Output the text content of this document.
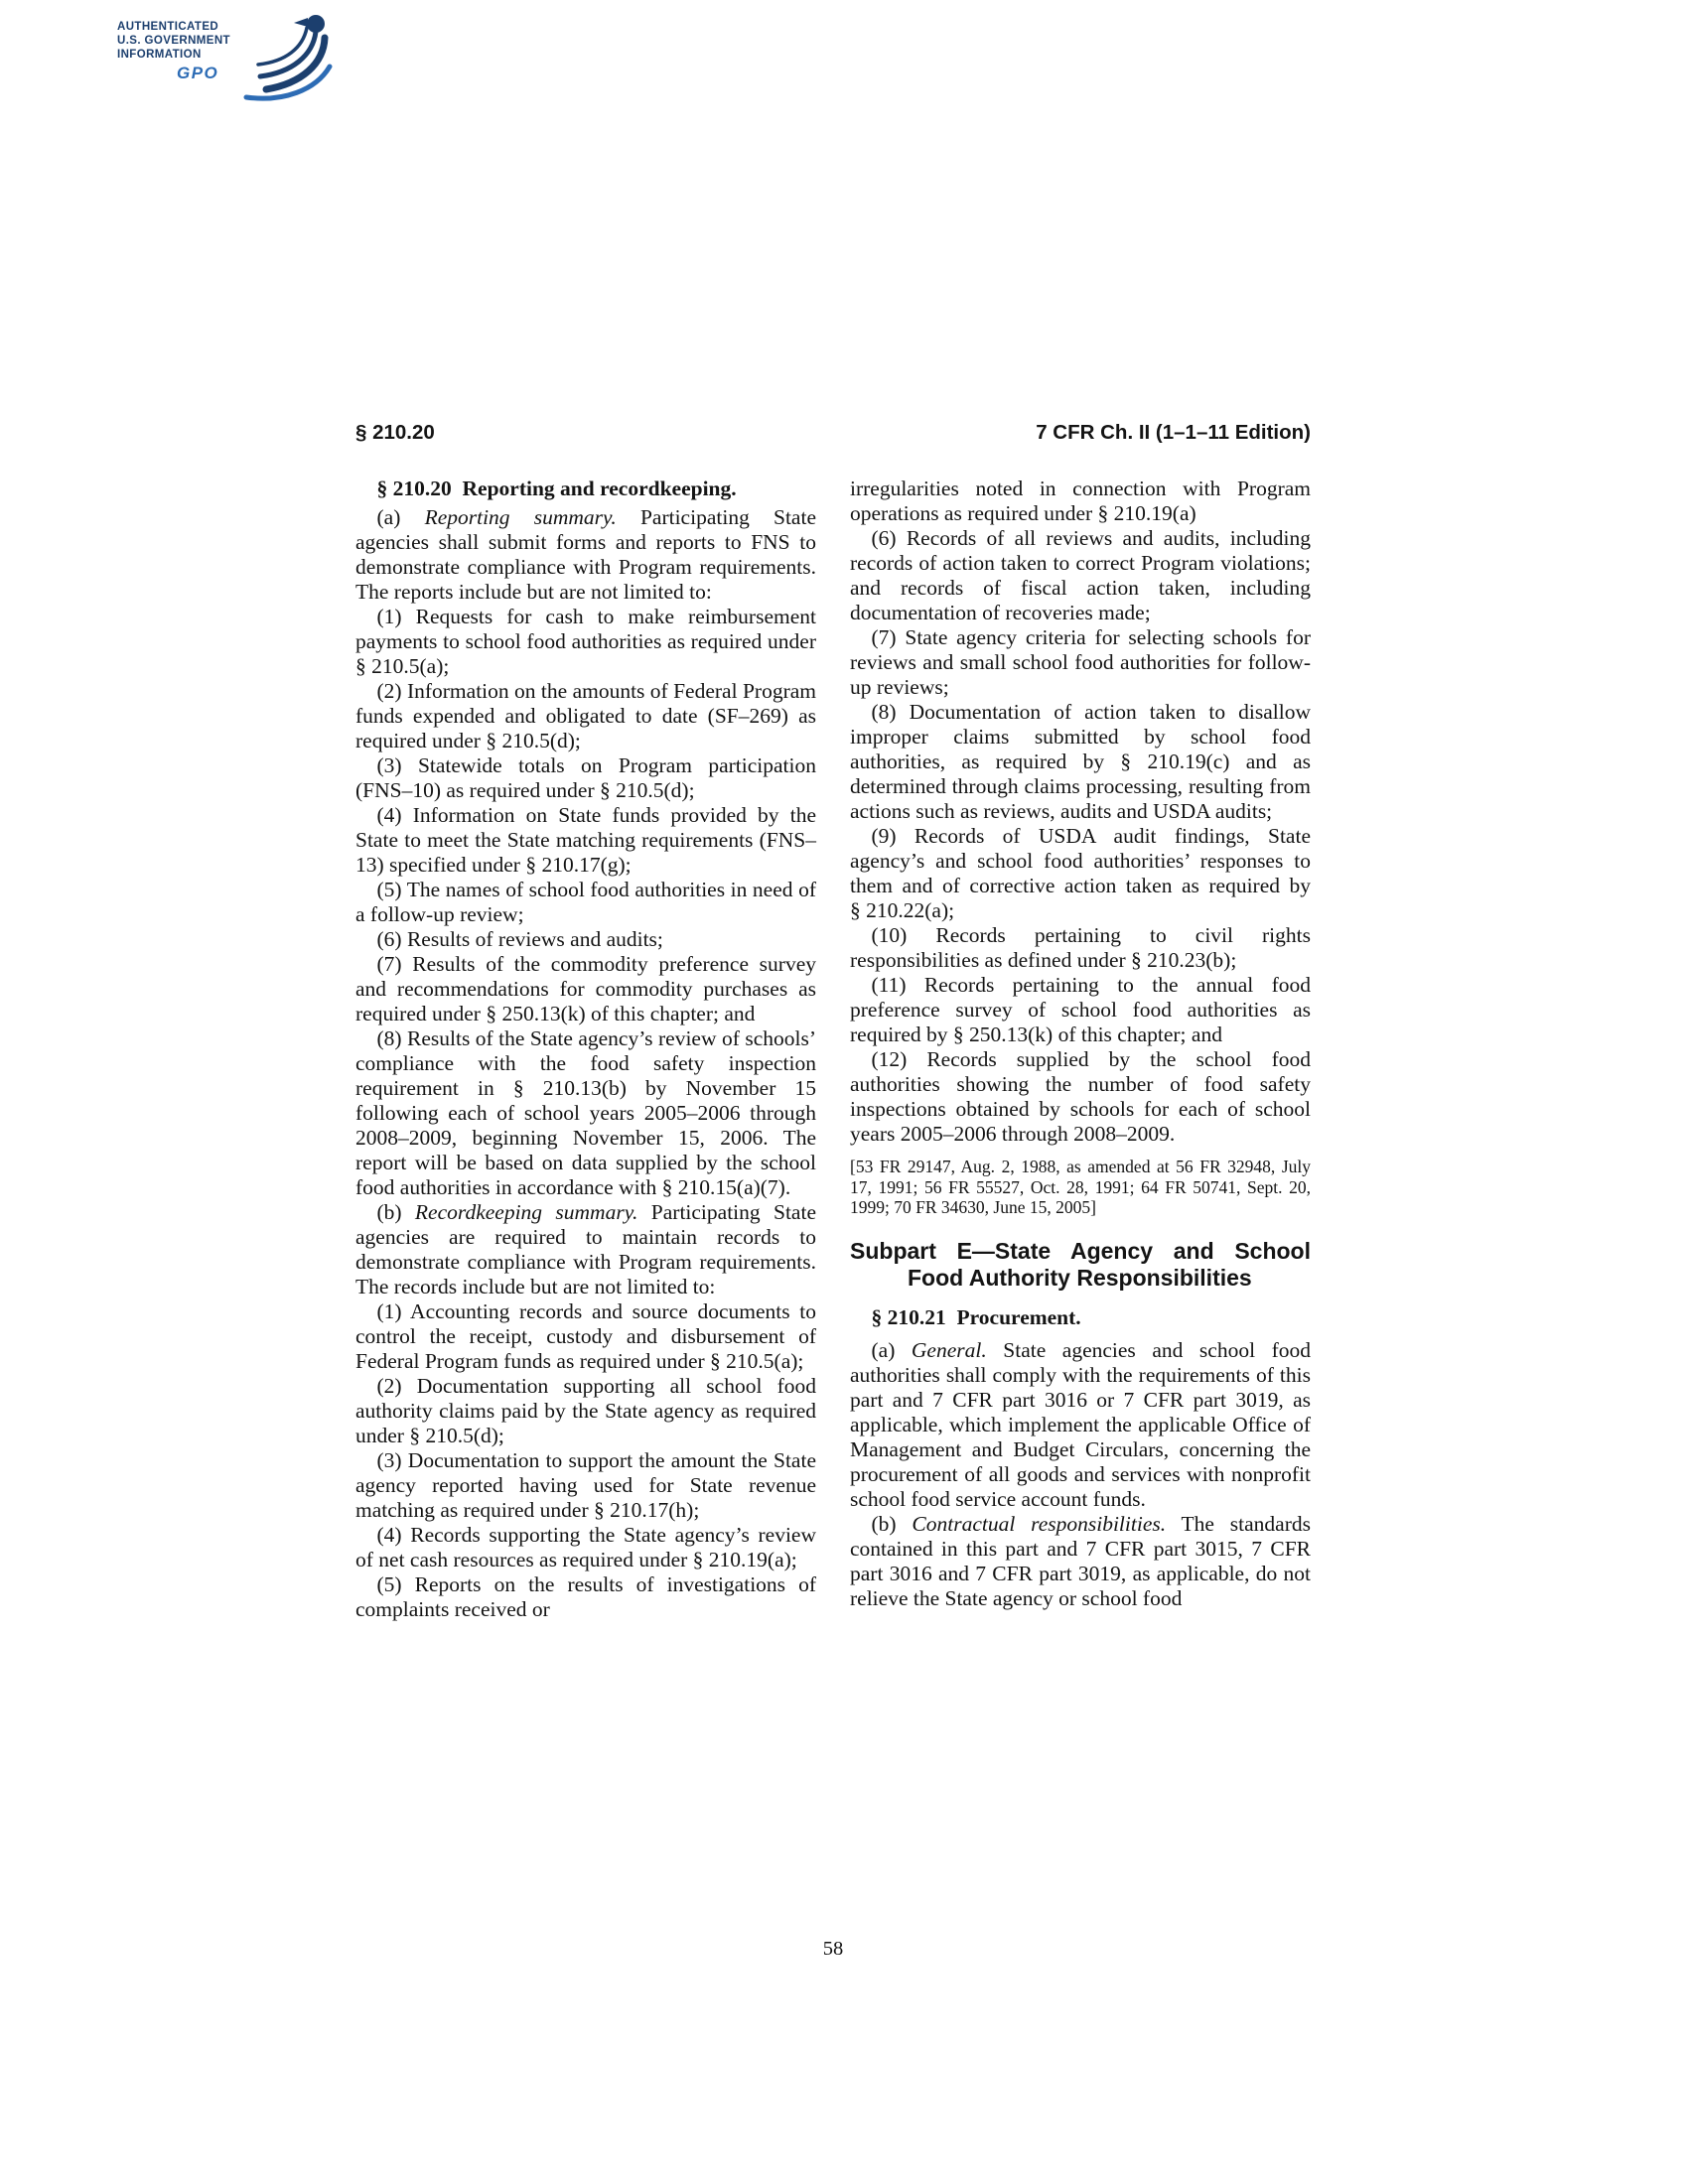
AUTHENTICATED
U.S. GOVERNMENT
INFORMATION
GPO
§ 210.20	7 CFR Ch. II (1–1–11 Edition)

§ 210.20  Reporting and recordkeeping.

(a) Reporting summary. Participating State agencies shall submit forms and reports to FNS to demonstrate compliance with Program requirements. The reports include but are not limited to:

(1) Requests for cash to make reimbursement payments to school food authorities as required under § 210.5(a);

(2) Information on the amounts of Federal Program funds expended and obligated to date (SF–269) as required under § 210.5(d);

(3) Statewide totals on Program participation (FNS–10) as required under § 210.5(d);

(4) Information on State funds provided by the State to meet the State matching requirements (FNS–13) specified under § 210.17(g);

(5) The names of school food authorities in need of a follow-up review;

(6) Results of reviews and audits;

(7) Results of the commodity preference survey and recommendations for commodity purchases as required under § 250.13(k) of this chapter; and

(8) Results of the State agency’s review of schools’ compliance with the food safety inspection requirement in § 210.13(b) by November 15 following each of school years 2005–2006 through 2008–2009, beginning November 15, 2006. The report will be based on data supplied by the school food authorities in accordance with § 210.15(a)(7).

(b) Recordkeeping summary. Participating State agencies are required to maintain records to demonstrate compliance with Program requirements. The records include but are not limited to:

(1) Accounting records and source documents to control the receipt, custody and disbursement of Federal Program funds as required under § 210.5(a);

(2) Documentation supporting all school food authority claims paid by the State agency as required under § 210.5(d);

(3) Documentation to support the amount the State agency reported having used for State revenue matching as required under § 210.17(h);

(4) Records supporting the State agency’s review of net cash resources as required under § 210.19(a);

(5) Reports on the results of investigations of complaints received or

irregularities noted in connection with Program operations as required under § 210.19(a)

(6) Records of all reviews and audits, including records of action taken to correct Program violations; and records of fiscal action taken, including documentation of recoveries made;

(7) State agency criteria for selecting schools for reviews and small school food authorities for follow-up reviews;

(8) Documentation of action taken to disallow improper claims submitted by school food authorities, as required by § 210.19(c) and as determined through claims processing, resulting from actions such as reviews, audits and USDA audits;

(9) Records of USDA audit findings, State agency’s and school food authorities’ responses to them and of corrective action taken as required by § 210.22(a);

(10) Records pertaining to civil rights responsibilities as defined under § 210.23(b);

(11) Records pertaining to the annual food preference survey of school food authorities as required by § 250.13(k) of this chapter; and

(12) Records supplied by the school food authorities showing the number of food safety inspections obtained by schools for each of school years 2005–2006 through 2008–2009.

[53 FR 29147, Aug. 2, 1988, as amended at 56 FR 32948, July 17, 1991; 56 FR 55527, Oct. 28, 1991; 64 FR 50741, Sept. 20, 1999; 70 FR 34630, June 15, 2005]

Subpart E—State Agency and School Food Authority Responsibilities

§ 210.21  Procurement.

(a) General. State agencies and school food authorities shall comply with the requirements of this part and 7 CFR part 3016 or 7 CFR part 3019, as applicable, which implement the applicable Office of Management and Budget Circulars, concerning the procurement of all goods and services with nonprofit school food service account funds.

(b) Contractual responsibilities. The standards contained in this part and 7 CFR part 3015, 7 CFR part 3016 and 7 CFR part 3019, as applicable, do not relieve the State agency or school food

58
